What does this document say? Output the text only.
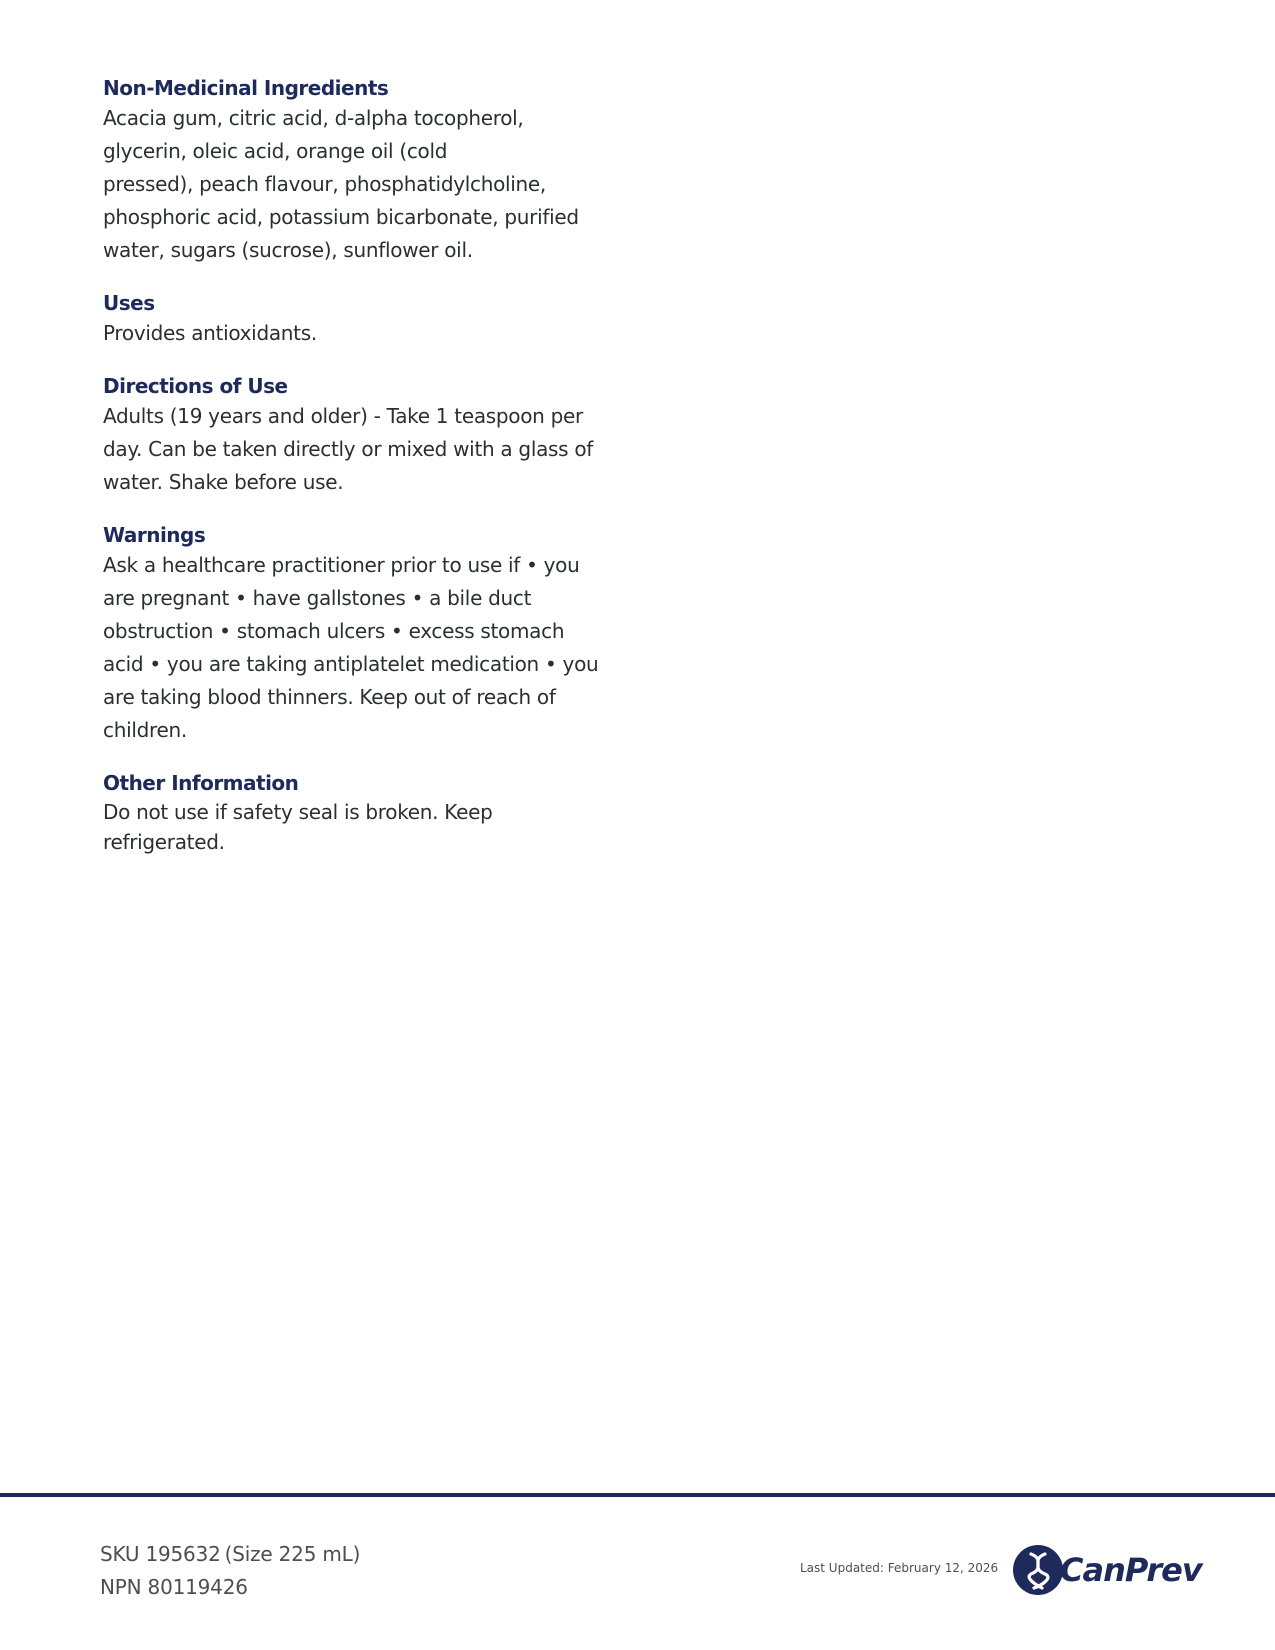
Non-Medicinal Ingredients

Acacia gum, citric acid, d-alpha tocopherol,
glycerin, oleic acid, orange oil (cold
pressed), peach flavour, phosphatidylcholine,
phosphoric acid, potassium bicarbonate, purified
water, sugars (sucrose), sunflower oil.

Uses

Provides antioxidants.

Directions of Use

Adults (19 years and older) - Take 1 teaspoon per
day. Can be taken directly or mixed with a glass of
water. Shake before use.

Warnings

Ask a healthcare practitioner prior to use if • you
are pregnant • have gallstones • a bile duct
obstruction • stomach ulcers • excess stomach
acid • you are taking antiplatelet medication • you
are taking blood thinners. Keep out of reach of
children.

Other Information

Do not use if safety seal is broken. Keep
refrigerated.

SKU 195632 (Size 225 mL)
NPN 80119426
Last Updated: February 12, 2026 CanPrev
